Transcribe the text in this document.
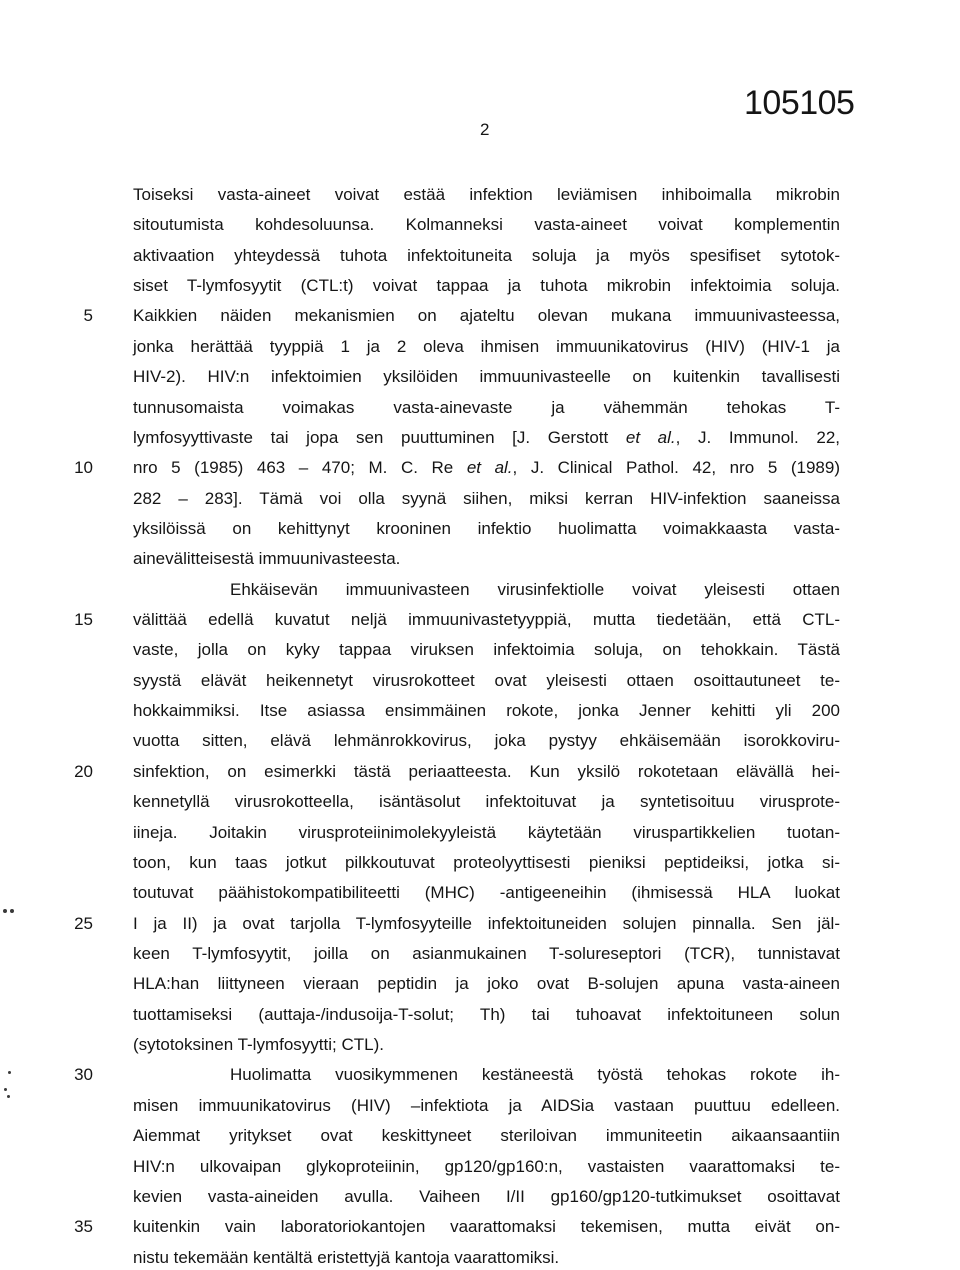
2
105105
Toiseksi vasta-aineet voivat estää infektion leviämisen inhiboimalla mikrobin
sitoutumista kohdesoluunsa. Kolmanneksi vasta-aineet voivat komplementin
aktivaation yhteydessä tuhota infektoituneita soluja ja myös spesifiset sytotok-
siset T-lymfosyytit (CTL:t) voivat tappaa ja tuhota mikrobin infektoimia soluja.
5 Kaikkien näiden mekanismien on ajateltu olevan mukana immuunivasteessa,
jonka herättää tyyppiä 1 ja 2 oleva ihmisen immuunikatovirus (HIV) (HIV-1 ja
HIV-2). HIV:n infektoimien yksilöiden immuunivasteelle on kuitenkin tavallisesti
tunnusomaista voimakas vasta-ainevaste ja vähemmän tehokas T-
lymfosyyttivaste tai jopa sen puuttuminen [J. Gerstott et al., J. Immunol. 22,
10 nro 5 (1985) 463 – 470; M. C. Re et al., J. Clinical Pathol. 42, nro 5 (1989)
282 – 283]. Tämä voi olla syynä siihen, miksi kerran HIV-infektion saaneissa
yksilöissä on kehittynyt krooninen infektio huolimatta voimakkaasta vasta-
ainevälitteisestä immuunivasteesta.
Ehkäisevän immuunivasteen virusinfektiolle voivat yleisesti ottaen
15 välittää edellä kuvatut neljä immuunivastetyyppiä, mutta tiedetään, että CTL-
vaste, jolla on kyky tappaa viruksen infektoimia soluja, on tehokkain. Tästä
syystä elävät heikennetyt virusrokotteet ovat yleisesti ottaen osoittautuneet te-
hokkaimmiksi. Itse asiassa ensimmäinen rokote, jonka Jenner kehitti yli 200
vuotta sitten, elävä lehmänrokkovirus, joka pystyy ehkäisemään isorokkoviru-
20 sinfektion, on esimerkki tästä periaatteesta. Kun yksilö rokotetaan elävällä hei-
kennetyllä virusrokotteella, isäntäsolut infektoituvat ja syntetisoituu virusprote-
iineja. Joitakin virusproteiinimolekyyleistä käytetään viruspartikkelien tuotan-
toon, kun taas jotkut pilkkoutuvat proteolyyttisesti pieniksi peptideiksi, jotka si-
toutuvat päähistokompatibiliteetti (MHC) -antigeeneihin (ihmisessä HLA luokat
25 I ja II) ja ovat tarjolla T-lymfosyyteille infektoituneiden solujen pinnalla. Sen jäl-
keen T-lymfosyytit, joilla on asianmukainen T-solureseptori (TCR), tunnistavat
HLA:han liittyneen vieraan peptidin ja joko ovat B-solujen apuna vasta-aineen
tuottamiseksi (auttaja-/indusoija-T-solut; Th) tai tuhoavat infektoituneen solun
(sytotoksinen T-lymfosyytti; CTL).
30	Huolimatta vuosikymmenen kestäneestä työstä tehokas rokote ih-
misen immuunikatovirus (HIV) –infektiota ja AIDSia vastaan puuttuu edelleen.
Aiemmat yritykset ovat keskittyneet steriloivan immuniteetin aikaansaantiin
HIV:n ulkovaipan glykoproteiinin, gp120/gp160:n, vastaisten vaarattomaksi te-
kevien vasta-aineiden avulla. Vaiheen I/II gp160/gp120-tutkimukset osoittavat
35 kuitenkin vain laboratoriokantojen vaarattomaksi tekemisen, mutta eivät on-
nistu tekemään kentältä eristettyjä kantoja vaarattomiksi.
